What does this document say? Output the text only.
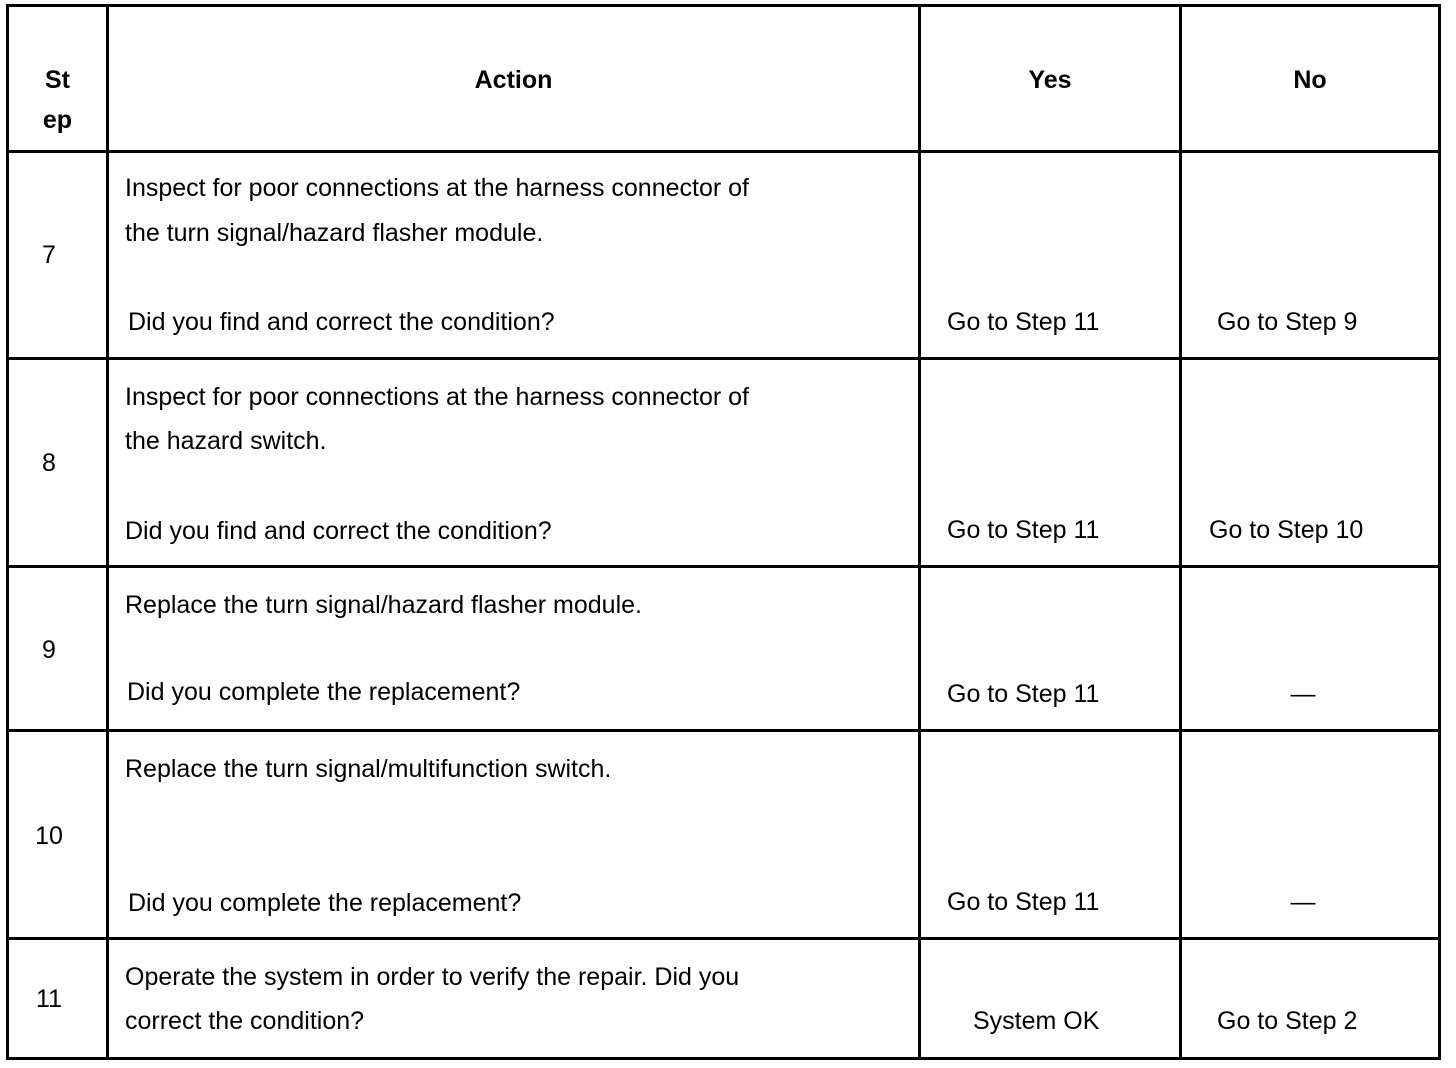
St
ep
Action	Yes	No
7
Inspect for poor connections at the harness connector of
the turn signal/hazard flasher module.
Did you find and correct the condition?	Go to Step 11	Go to Step 9
8
Inspect for poor connections at the harness connector of
the hazard switch.
Did you find and correct the condition?	Go to Step 11	Go to Step 10
9
Replace the turn signal/hazard flasher module.
Did you complete the replacement?	Go to Step 11	—
10
Replace the turn signal/multifunction switch.
Did you complete the replacement?	Go to Step 11	—
11
Operate the system in order to verify the repair. Did you
correct the condition?	System OK	Go to Step 2
